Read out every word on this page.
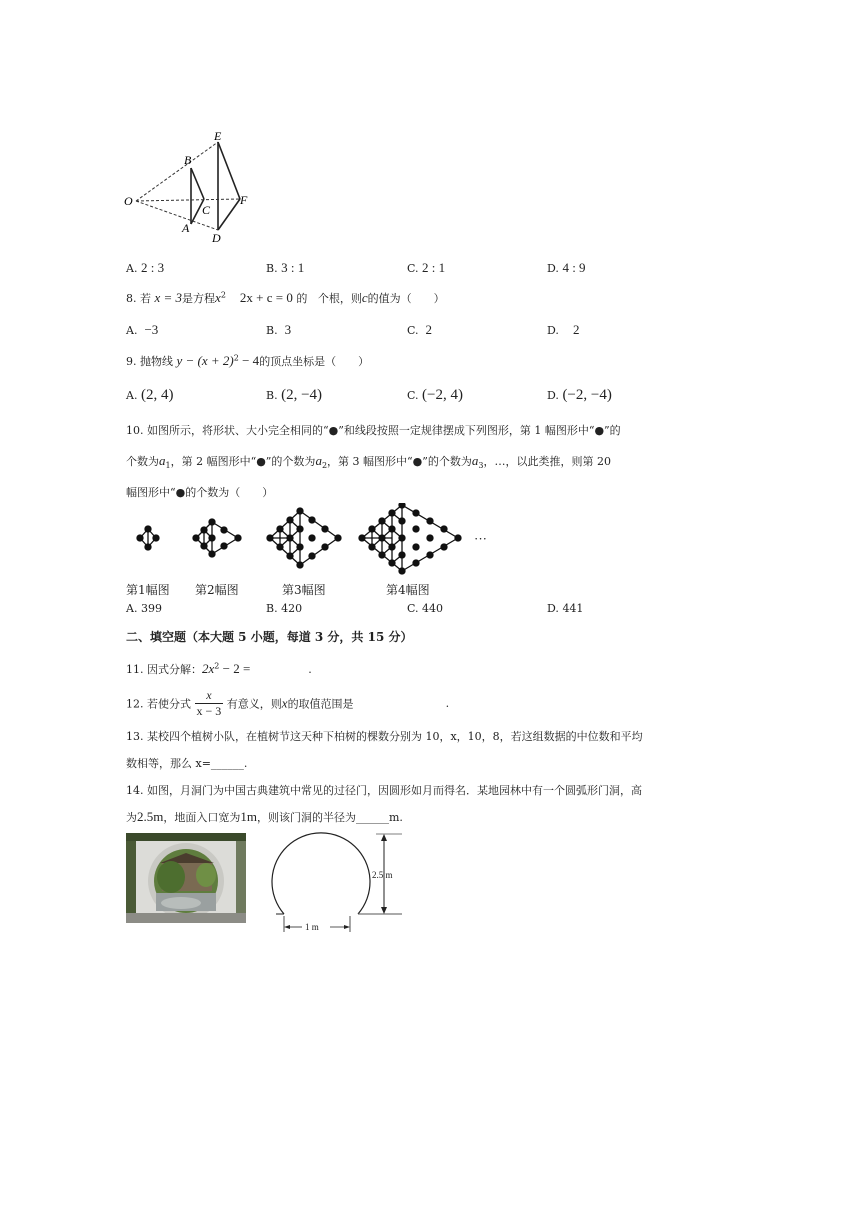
E
B
O
C
F
A
D
A. 2 : 3	B. 3 : 1	C. 2 : 1	D. 4 : 9
8. 若 x = 3是方程$x^2$ 2x + c = 0 的 个根，则c的值为（　　）
A. −3	B. 3	C. 2	D. 2
9. 抛物线 $y - (x + 2)^2 - 4$的顶点坐标是（　　）
A. (2, 4)	B. (2, −4)	C. (−2, 4)	D. (−2, −4)
10. 如图所示，将形状、大小完全相同的“●”和线段按照一定规律摆成下列图形，第 1 幅图形中“●”的
个数为$a_1$，第 2 幅图形中“●”的个数为$a_2$，第 3 幅图形中“●”的个数为$a_3$，…，以此类推，则第 20
幅图形中“●的个数为（　　）
···
第1幅图 第2幅图	第3幅图	第4幅图
A. 399	B. 420	C. 440	D. 441
二、填空题（本大题 5 小题，每道 3 分，共 15 分）
11. 因式分解：$2x^2 - 2$ =	.
12. 若使分式 $\frac{x}{x - 3}$ 有意义，则x的取值范围是	.
13. 某校四个植树小队，在植树节这天种下柏树的棵数分别为 10，x，10，8，若这组数据的中位数和平均
数相等，那么 x=______.
14. 如图，月洞门为中国古典建筑中常见的过径门，因圆形如月而得名．某地园林中有一个圆弧形门洞，高
为2.5m，地面入口宽为1m，则该门洞的半径为______m.
2.5 m
1 m
